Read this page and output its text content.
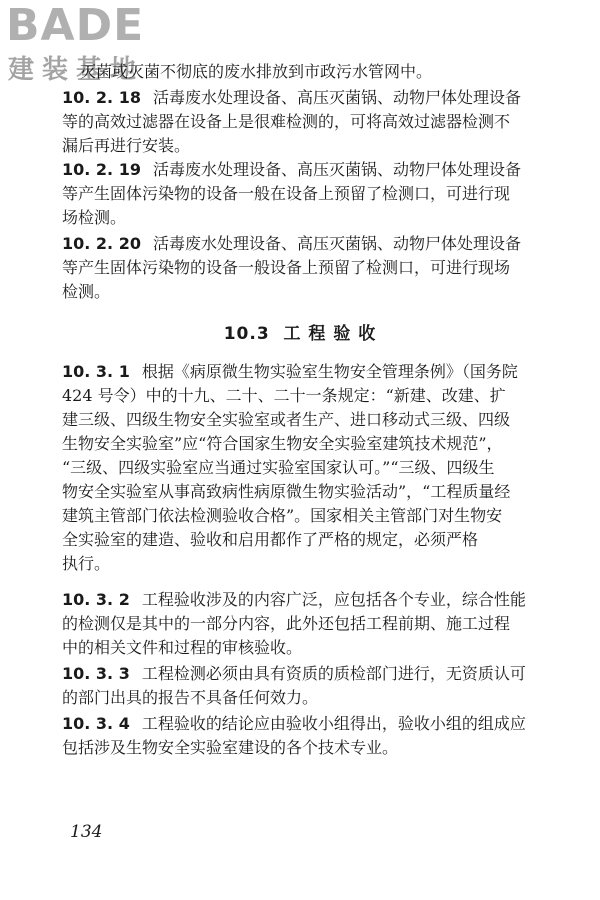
BADE
建装基地
灭菌或灭菌不彻底的废水排放到市政污水管网中。
10. 2. 18 活毒废水处理设备、高压灭菌锅、动物尸体处理设备
等的高效过滤器在设备上是很难检测的，可将高效过滤器检测不
漏后再进行安装。
10. 2. 19 活毒废水处理设备、高压灭菌锅、动物尸体处理设备
等产生固体污染物的设备一般在设备上预留了检测口，可进行现
场检测。
10. 2. 20 活毒废水处理设备、高压灭菌锅、动物尸体处理设备
等产生固体污染物的设备一般设备上预留了检测口，可进行现场
检测。
10.3 工 程 验 收
10. 3. 1 根据《病原微生物实验室生物安全管理条例》（国务院
424 号令）中的十九、二十、二十一条规定：“新建、改建、扩
建三级、四级生物安全实验室或者生产、进口移动式三级、四级
生物安全实验室”应“符合国家生物安全实验室建筑技术规范”，
“三级、四级实验室应当通过实验室国家认可。”“三级、四级生
物安全实验室从事高致病性病原微生物实验活动”，“工程质量经
建筑主管部门依法检测验收合格”。国家相关主管部门对生物安
全实验室的建造、验收和启用都作了严格的规定，必须严格
执行。
10. 3. 2 工程验收涉及的内容广泛，应包括各个专业，综合性能
的检测仅是其中的一部分内容，此外还包括工程前期、施工过程
中的相关文件和过程的审核验收。
10. 3. 3 工程检测必须由具有资质的质检部门进行，无资质认可
的部门出具的报告不具备任何效力。
10. 3. 4 工程验收的结论应由验收小组得出，验收小组的组成应
包括涉及生物安全实验室建设的各个技术专业。
134
